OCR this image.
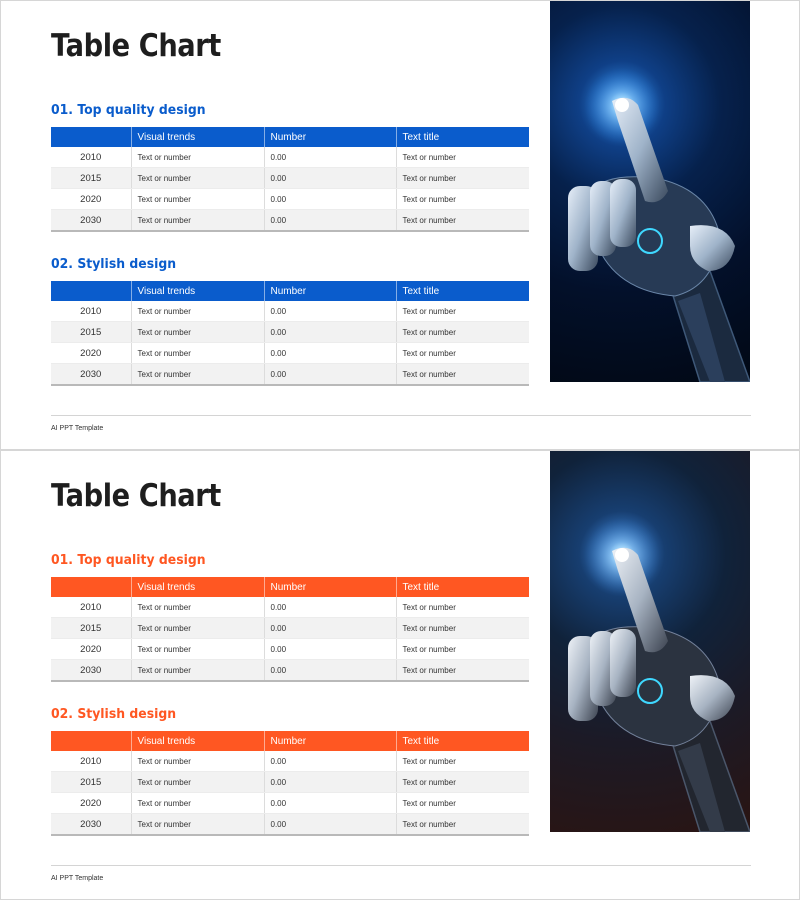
Table Chart
01. Top quality design
	Visual trends	Number	Text title
2010	Text or number	0.00	Text or number
2015	Text or number	0.00	Text or number
2020	Text or number	0.00	Text or number
2030	Text or number	0.00	Text or number
02. Stylish design
	Visual trends	Number	Text title
2010	Text or number	0.00	Text or number
2015	Text or number	0.00	Text or number
2020	Text or number	0.00	Text or number
2030	Text or number	0.00	Text or number
AI PPT Template
Table Chart
01. Top quality design
	Visual trends	Number	Text title
2010	Text or number	0.00	Text or number
2015	Text or number	0.00	Text or number
2020	Text or number	0.00	Text or number
2030	Text or number	0.00	Text or number
02. Stylish design
	Visual trends	Number	Text title
2010	Text or number	0.00	Text or number
2015	Text or number	0.00	Text or number
2020	Text or number	0.00	Text or number
2030	Text or number	0.00	Text or number
AI PPT Template
